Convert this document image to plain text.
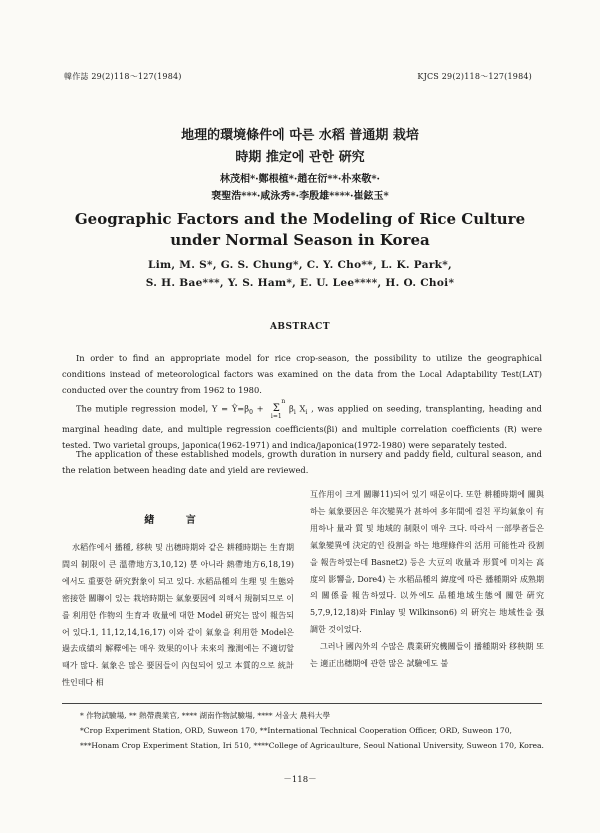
韓作誌 29(2)118～127(1984)	KJCS 29(2)118～127(1984)
地理的環境條件에 따른 水稻 普通期 栽培
時期 推定에 관한 硏究
林茂相*·鄭根植*·趙在衍**·朴來敬*·
裵聖浩***·咸泳秀*·李殷雄****·崔鉉玉*
Geographic Factors and the Modeling of Rice Culture
under Normal Season in Korea
Lim, M. S*, G. S. Chung*, C. Y. Cho**, L. K. Park*,
S. H. Bae***, Y. S. Ham*, E. U. Lee****, H. O. Choi*
ABSTRACT

In order to find an appropriate model for rice crop-season, the possibility to utilize the geographical conditions instead of meteorological factors was examined on the data from the Local Adaptability Test(LAT) conducted over the country from 1962 to 1980.

The mutiple regression model, $Y = Ŷ=\beta_0 + n$
Σ
i=1 $\beta_i$ $X_i$ , was applied on seeding, transplanting, heading and marginal heading date, and multiple regression coefficients(βi) and multiple correlation coefficients (R) were tested. Two varietal groups, japonica(1962-1971) and indica/japonica(1972-1980) were separately tested.

The application of these established models, growth duration in nursery and paddy field, cultural season, and the relation between heading date and yield are reviewed.

緖 言

水稻作에서 播種, 移秧 및 出穗時期와 같은 耕種時期는 生育期間의 制限이 큰 溫帶地方3,10,12) 뿐 아니라 熱帶地方6,18,19)에서도 重要한 硏究對象이 되고 있다. 水稻品種의 生理 및 生態와 密接한 關聯이 있는 栽培時期는 氣象要因에 의해서 規制되므로 이를 利用한 作物의 生育과 收量에 대한 Model 硏究는 많이 報告되어 있다.1, 11,12,14,16,17) 이와 같이 氣象을 利用한 Model은 過去成績의 解釋에는 매우 效果的이나 未來의 豫測에는 不適切할 때가 많다. 氣象은 많은 要因들이 內包되어 있고 本質的으로 統計性인데다 相

互作用이 크게 關聯11)되어 있기 때문이다. 또한 耕種時期에 關與하는 氣象要因은 年次變異가 甚하여 多年間에 걸친 平均氣象이 有用하나 量과 質 및 地域的 制限이 매우 크다. 따라서 一部學者들은 氣象變異에 決定的인 役割을 하는 地理條件의 活用 可能性과 役割을 報告하였는데 Basnet2) 등은 大豆의 收量과 形質에 미치는 高度의 影響을, Dore4) 는 水稻品種의 緯度에 따른 播種期와 成熟期의 關係를 報告하였다. 以外에도 品種地域生態에 關한 硏究5,7,9,12,18)와 Finlay 및 Wilkinson6) 의 硏究는 地域性을 强調한 것이었다.

그러나 國內外의 수많은 農業硏究機關들이 播種期와 移秧期 또는 適正出穗期에 관한 많은 試驗에도 불

* 作物試驗場, ** 熱帶農業官, **** 湖南作物試驗場, **** 서울大 農科大學
*Crop Experiment Station, ORD, Suweon 170, **International Technical Cooperation Officer, ORD, Suweon 170, ***Honam Crop Experiment Station, Iri 510, ****College of Agricaulture, Seoul National University, Suweon 170, Korea.
－118－
